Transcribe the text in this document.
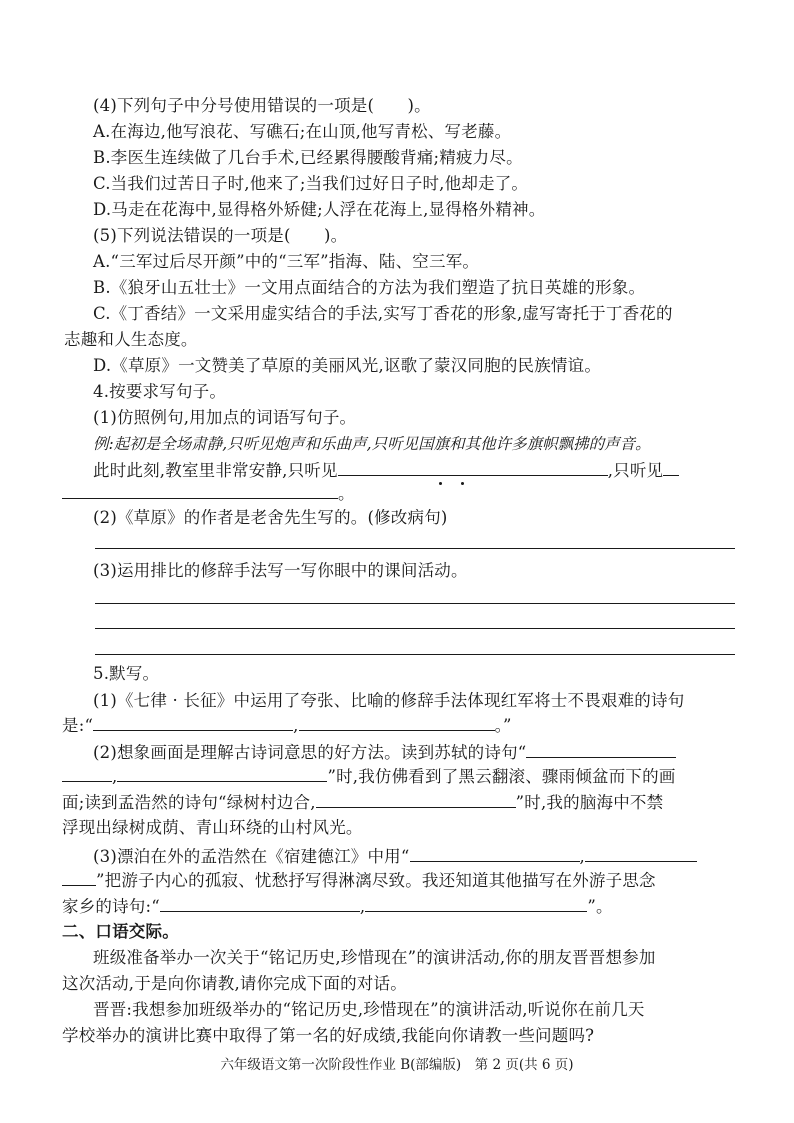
(4)下列句子中分号使用错误的一项是(　　)。
A.在海边,他写浪花、写礁石;在山顶,他写青松、写老藤。
B.李医生连续做了几台手术,已经累得腰酸背痛;精疲力尽。
C.当我们过苦日子时,他来了;当我们过好日子时,他却走了。
D.马走在花海中,显得格外矫健;人浮在花海上,显得格外精神。
(5)下列说法错误的一项是(　　)。
A.“三军过后尽开颜”中的“三军”指海、陆、空三军。
B.《狼牙山五壮士》一文用点面结合的方法为我们塑造了抗日英雄的形象。
C.《丁香结》一文采用虚实结合的手法,实写丁香花的形象,虚写寄托于丁香花的
志趣和人生态度。
D.《草原》一文赞美了草原的美丽风光,讴歌了蒙汉同胞的民族情谊。
4.按要求写句子。
(1)仿照例句,用加点的词语写句子。
例:起初是全场肃静,只听见炮声和乐曲声,只听见国旗和其他许多旗帜飘拂的声音。
此时此刻,教室里非常安静,只听见	,只听见
。
(2)《草原》的作者是老舍先生写的。(修改病句)
(3)运用排比的修辞手法写一写你眼中的课间活动。
5.默写。
(1)《七律 · 长征》中运用了夸张、比喻的修辞手法体现红军将士不畏艰难的诗句
是:“	,	。”
(2)想象画面是理解古诗词意思的好方法。读到苏轼的诗句“
,	”时,我仿佛看到了黑云翻滚、骤雨倾盆而下的画
面;读到孟浩然的诗句“绿树村边合,	”时,我的脑海中不禁
浮现出绿树成荫、青山环绕的山村风光。
(3)漂泊在外的孟浩然在《宿建德江》中用“	,
”把游子内心的孤寂、忧愁抒写得淋漓尽致。我还知道其他描写在外游子思念
家乡的诗句:“	,	”。
二、口语交际。
班级准备举办一次关于“铭记历史,珍惜现在”的演讲活动,你的朋友晋晋想参加
这次活动,于是向你请教,请你完成下面的对话。
晋晋:我想参加班级举办的“铭记历史,珍惜现在”的演讲活动,听说你在前几天
学校举办的演讲比赛中取得了第一名的好成绩,我能向你请教一些问题吗?
六年级语文第一次阶段性作业 B(部编版)　第 2 页(共 6 页)
